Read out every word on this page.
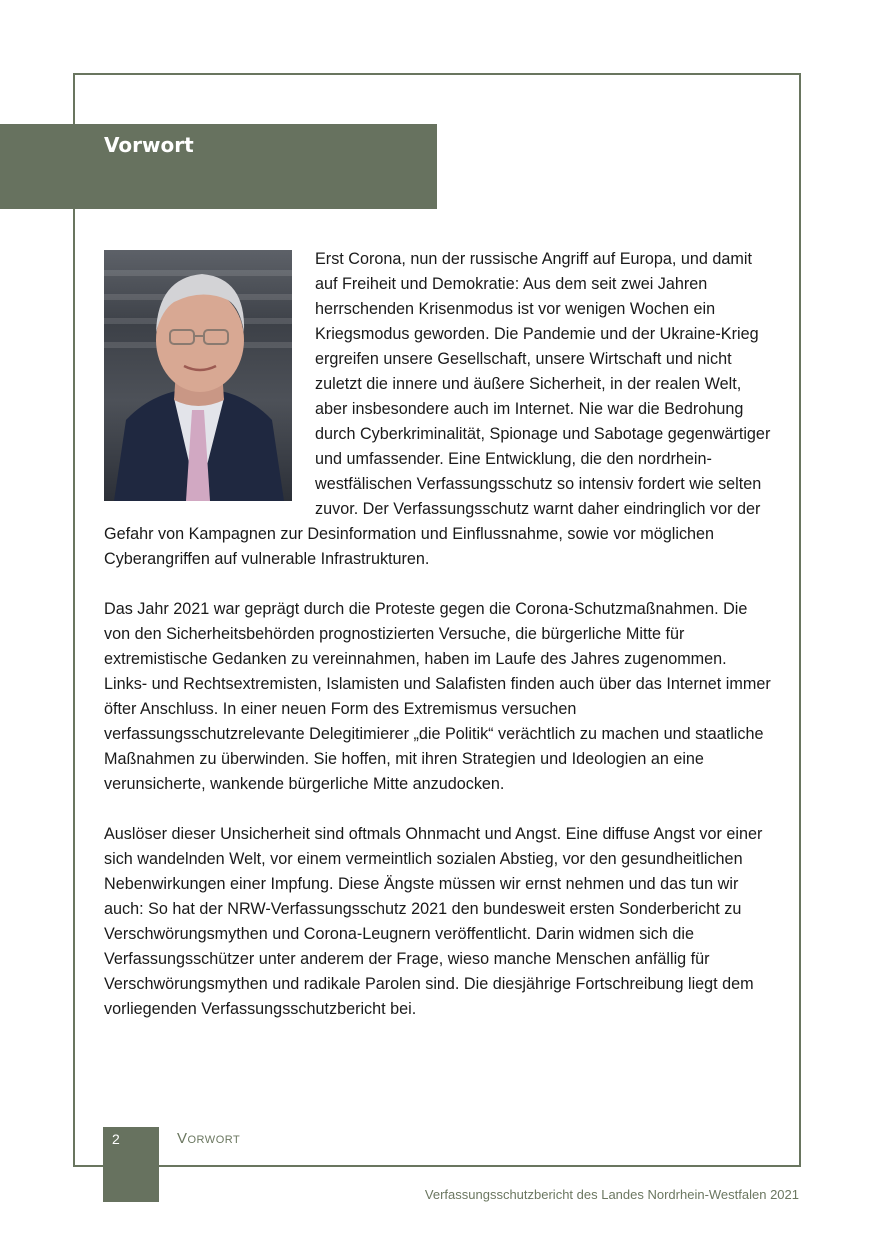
Vorwort

Erst Corona, nun der russische Angriff auf Europa, und damit auf Freiheit und Demokratie: Aus dem seit zwei Jahren herrschenden Krisenmodus ist vor wenigen Wochen ein Kriegsmodus geworden. Die Pandemie und der Ukraine-Krieg ergreifen unsere Gesellschaft, unsere Wirtschaft und nicht zuletzt die innere und äußere Sicherheit, in der realen Welt, aber insbesondere auch im Internet. Nie war die Bedrohung durch Cyberkriminalität, Spionage und Sabotage gegenwärtiger und umfassender. Eine Entwicklung, die den nordrhein-westfälischen Verfassungsschutz so intensiv fordert wie selten zuvor. Der Verfassungsschutz warnt daher eindringlich vor der Gefahr von Kampagnen zur Desinformation und Einflussnahme, sowie vor möglichen Cyberangriffen auf vulnerable Infrastrukturen.

Das Jahr 2021 war geprägt durch die Proteste gegen die Corona-Schutzmaßnahmen. Die von den Sicherheitsbehörden prognostizierten Versuche, die bürgerliche Mitte für extremistische Gedanken zu vereinnahmen, haben im Laufe des Jahres zugenommen. Links- und Rechtsextremisten, Islamisten und Salafisten finden auch über das Internet immer öfter Anschluss. In einer neuen Form des Extremismus versuchen verfassungsschutzrelevante Delegitimierer „die Politik“ verächtlich zu machen und staatliche Maßnahmen zu überwinden. Sie hoffen, mit ihren Strategien und Ideologien an eine verunsicherte, wankende bürgerliche Mitte anzudocken.

Auslöser dieser Unsicherheit sind oftmals Ohnmacht und Angst. Eine diffuse Angst vor einer sich wandelnden Welt, vor einem vermeintlich sozialen Abstieg, vor den gesundheitlichen Nebenwirkungen einer Impfung. Diese Ängste müssen wir ernst nehmen und das tun wir auch: So hat der NRW-Verfassungsschutz 2021 den bundesweit ersten Sonderbericht zu Verschwörungsmythen und Corona-Leugnern veröffentlicht. Darin widmen sich die Verfassungsschützer unter anderem der Frage, wieso manche Menschen anfällig für Verschwörungsmythen und radikale Parolen sind. Die diesjährige Fortschreibung liegt dem vorliegenden Verfassungsschutzbericht bei.

2	Vorwort
Verfassungsschutzbericht des Landes Nordrhein-Westfalen 2021
